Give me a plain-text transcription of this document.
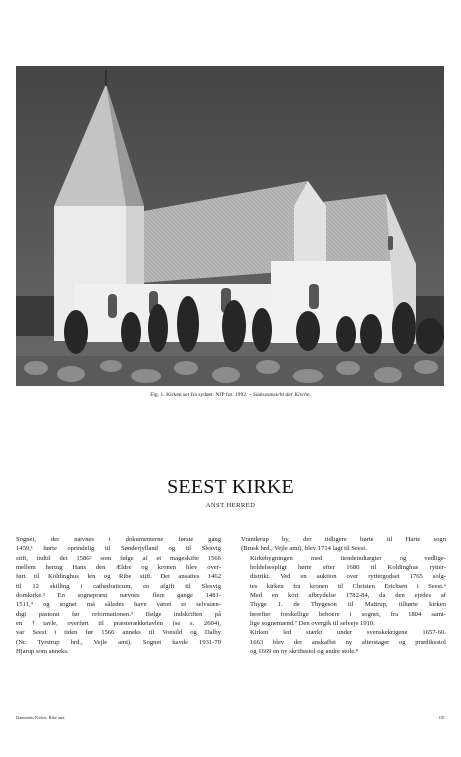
Fig. 1. Kirken set fra sydøst. NJP fot. 1992. – Südostansicht der Kirche.
SEEST KIRKE
ANST HERRED

Sognet, der nævnes i dokumenterne første gang
1459,¹ hørte oprindelig til Sønderjylland og til Slesvig
stift, indtil det 1586² som følge af et mageskifte 1566
mellem hertug Hans den Ældre og kronen blev over-
ført til Koldinghus len og Ribe stift. Det ansattes 1462
til 12 skilling i cathedraticum, en afgift til Slesvig
domkirke.³ En sognepræst nævnes flere gange 1481-
1511,⁴ og sognet må således have været et selvstæn-
digt pastorat før reformationen.⁵ Ifølge indskriften på
en †tavle, overført til præsterækketavlen (se s. 2604),
var Seest i tiden før 1566 anneks til Vonsild og Dalby
(Nr. Tyrstrup hrd., Vejle amt). Sognet havde 1931-79
Hjarup som anneks.

Vranderup by, der tidligere hørte til Harte sogn
(Brusk hrd., Vejle amt), blev 1714 lagt til Seest.

Kirkebygningen med tiendeindtægter og vedlige-
holdelsespligt hørte efter 1680 til Koldinghus rytter-
distrikt. Ved en auktion over ryttergodset 1765 solg-
tes kirken fra kronen til Christen Erichsen i Seest.⁶
Med en kort afbrydelse 1782-84, da den ejedes af
Thyge J. de Thygeson til Mattrup, tilhørte kirken
herefter forskellige beboere i sognet, fra 1804 samt-
lige sognemænd.⁷ Den overgik til selveje 1910.

Kirken led stærkt under svenskekrigene 1657-60.
1663 blev der anskaffet ny alterstager og prædikestol
og 1669 en ny skriftestol og andre stole.⁸

Danmarks Kirker, Ribe amt	181
